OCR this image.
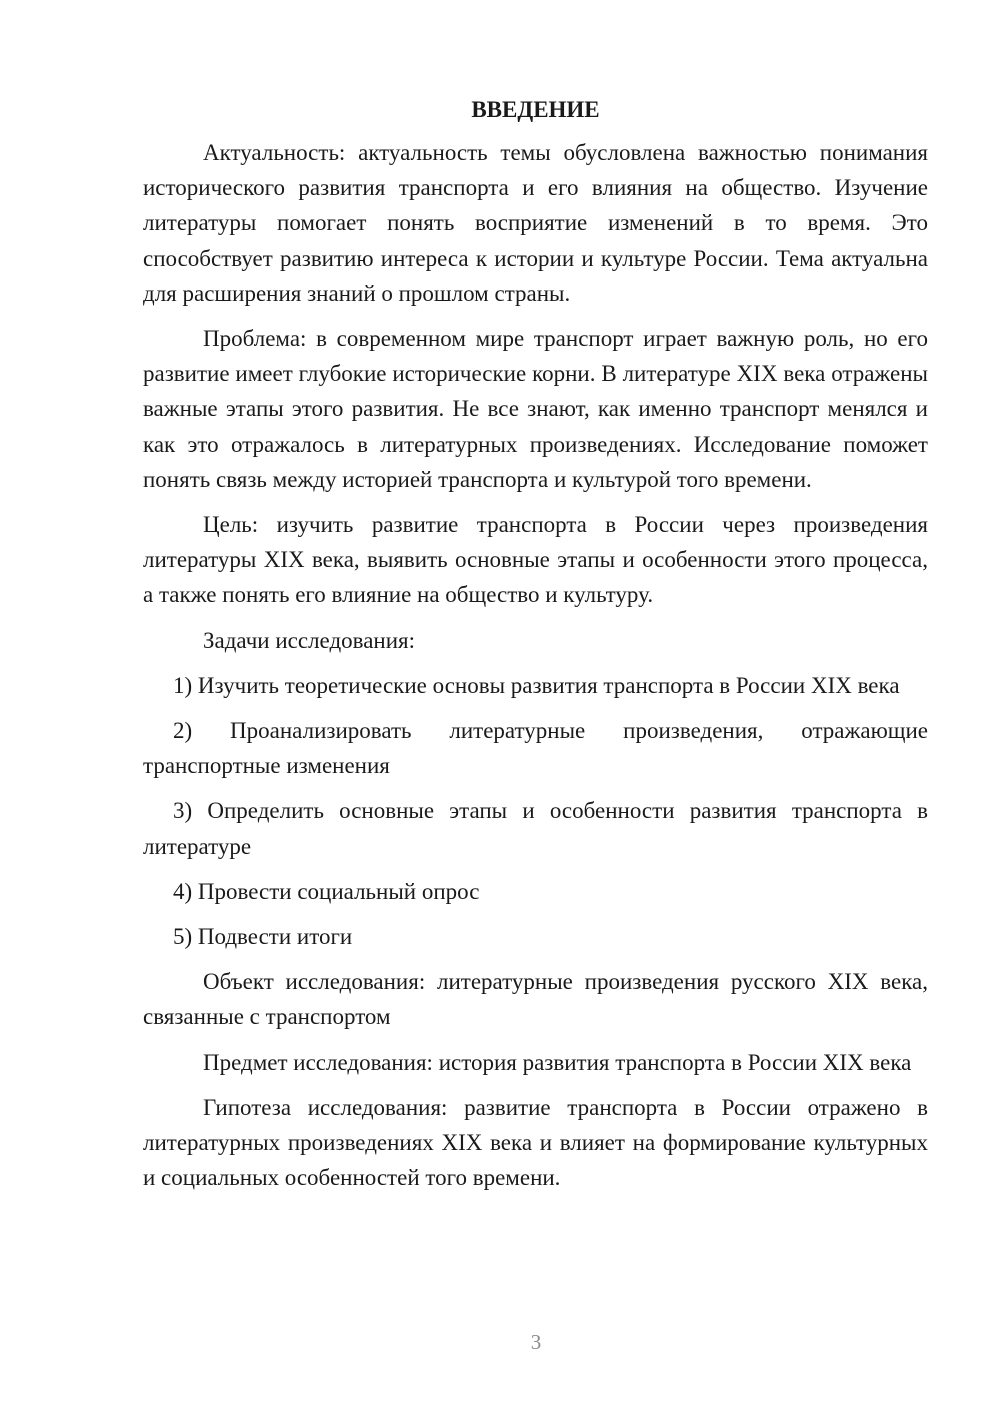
ВВЕДЕНИЕ

Актуальность: актуальность темы обусловлена важностью понимания исторического развития транспорта и его влияния на общество. Изучение литературы помогает понять восприятие изменений в то время. Это способствует развитию интереса к истории и культуре России. Тема актуальна для расширения знаний о прошлом страны.

Проблема: в современном мире транспорт играет важную роль, но его развитие имеет глубокие исторические корни. В литературе XIX века отражены важные этапы этого развития. Не все знают, как именно транспорт менялся и как это отражалось в литературных произведениях. Исследование поможет понять связь между историей транспорта и культурой того времени.

Цель: изучить развитие транспорта в России через произведения литературы XIX века, выявить основные этапы и особенности этого процесса, а также понять его влияние на общество и культуру.

Задачи исследования:

1) Изучить теоретические основы развития транспорта в России XIX века

2) Проанализировать литературные произведения, отражающие транспортные изменения

3) Определить основные этапы и особенности развития транспорта в литературе

4) Провести социальный опрос

5) Подвести итоги

Объект исследования: литературные произведения русского XIX века, связанные с транспортом

Предмет исследования: история развития транспорта в России XIX века

Гипотеза исследования: развитие транспорта в России отражено в литературных произведениях XIX века и влияет на формирование культурных и социальных особенностей того времени.

3
